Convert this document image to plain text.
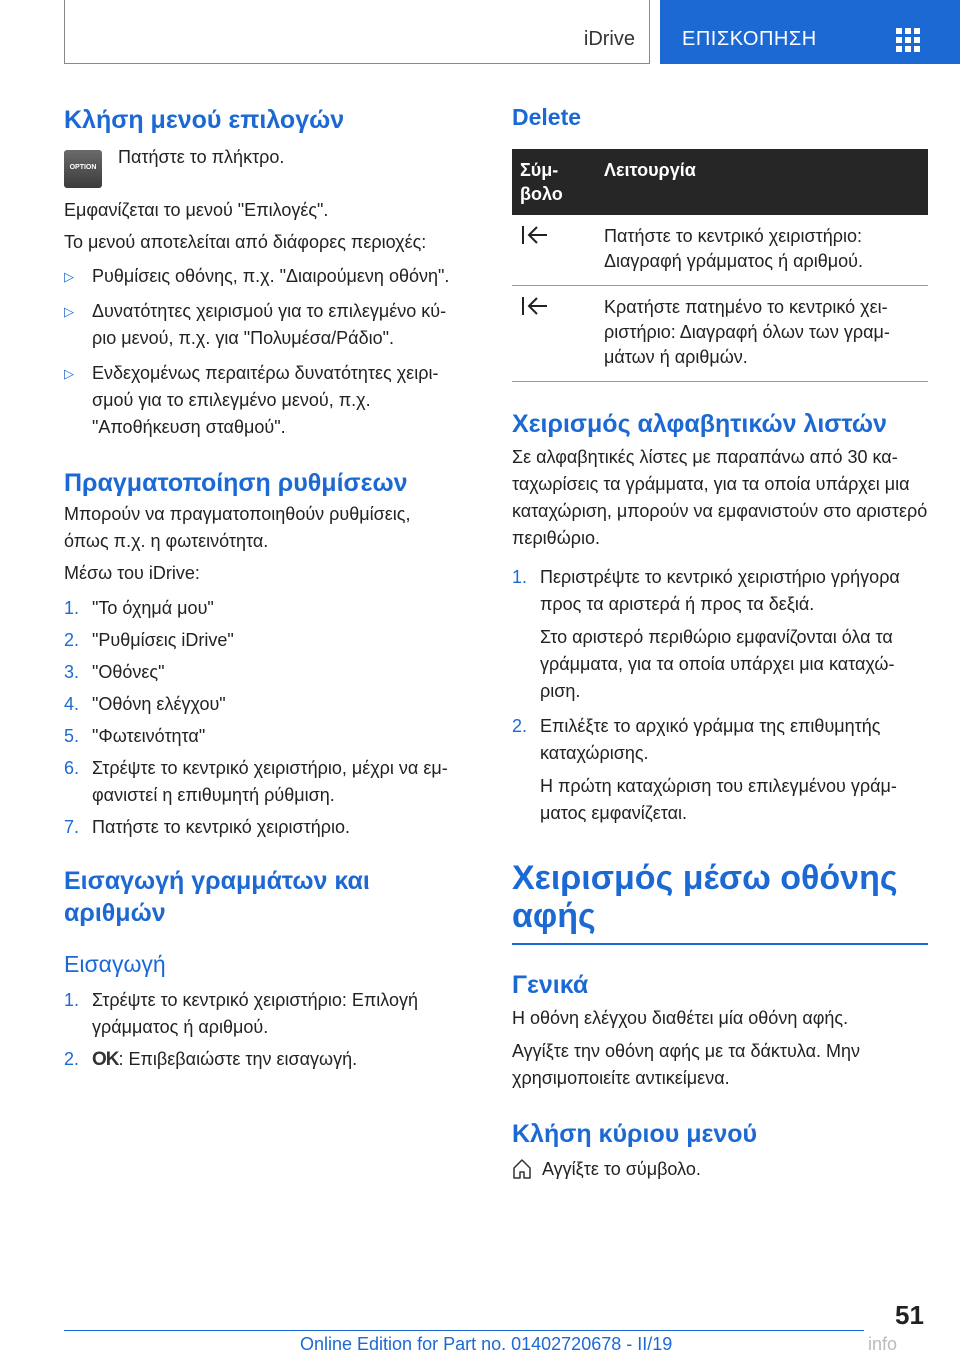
iDrive ΕΠΙΣΚΟΠΗΣΗ
Κλήση μενού επιλογών
OPTION

Πατήστε το πλήκτρο.

Εμφανίζεται το μενού "Επιλογές".

Το μενού αποτελείται από διάφορες περιοχές:

▷ Ρυθμίσεις οθόνης, π.χ. "Διαιρούμενη οθόνη".
▷ Δυνατότητες χειρισμού για το επιλεγμένο κύριο μενού, π.χ. για "Πολυμέσα/Ράδιο".
▷ Ενδεχομένως περαιτέρω δυνατότητες χειρισμού για το επιλεγμένο μενού, π.χ. "Αποθήκευση σταθμού".
Πραγματοποίηση ρυθμίσεων

Μπορούν να πραγματοποιηθούν ρυθμίσεις, όπως π.χ. η φωτεινότητα.

Μέσω του iDrive:

1. "Το όχημά μου"
2. "Ρυθμίσεις iDrive"
3. "Οθόνες"
4. "Οθόνη ελέγχου"
5. "Φωτεινότητα"
6. Στρέψτε το κεντρικό χειριστήριο, μέχρι να εμφανιστεί η επιθυμητή ρύθμιση.
7. Πατήστε το κεντρικό χειριστήριο.
Εισαγωγή γραμμάτων και αριθμών
Εισαγωγή
1. Στρέψτε το κεντρικό χειριστήριο: Επιλογή γράμματος ή αριθμού.
2. OK: Επιβεβαιώστε την εισαγωγή.
Delete
Σύμβολο	Λειτουργία
	Πατήστε το κεντρικό χειριστήριο: Διαγραφή γράμματος ή αριθμού.
	Κρατήστε πατημένο το κεντρικό χειριστήριο: Διαγραφή όλων των γραμμάτων ή αριθμών.
Χειρισμός αλφαβητικών λιστών

Σε αλφαβητικές λίστες με παραπάνω από 30 καταχωρίσεις τα γράμματα, για τα οποία υπάρχει μια καταχώριση, μπορούν να εμφανιστούν στο αριστερό περιθώριο.

1. Περιστρέψτε το κεντρικό χειριστήριο γρήγορα προς τα αριστερά ή προς τα δεξιά.

Στο αριστερό περιθώριο εμφανίζονται όλα τα γράμματα, για τα οποία υπάρχει μια καταχώριση.

2. Επιλέξτε το αρχικό γράμμα της επιθυμητής καταχώρισης.

Η πρώτη καταχώριση του επιλεγμένου γράμματος εμφανίζεται.

Χειρισμός μέσω οθόνης αφής
Γενικά

Η οθόνη ελέγχου διαθέτει μία οθόνη αφής.

Αγγίξτε την οθόνη αφής με τα δάκτυλα. Μην χρησιμοποιείτε αντικείμενα.

Κλήση κύριου μενού

Αγγίξτε το σύμβολο.

51
Online Edition for Part no. 01402720678 - II/19	info
